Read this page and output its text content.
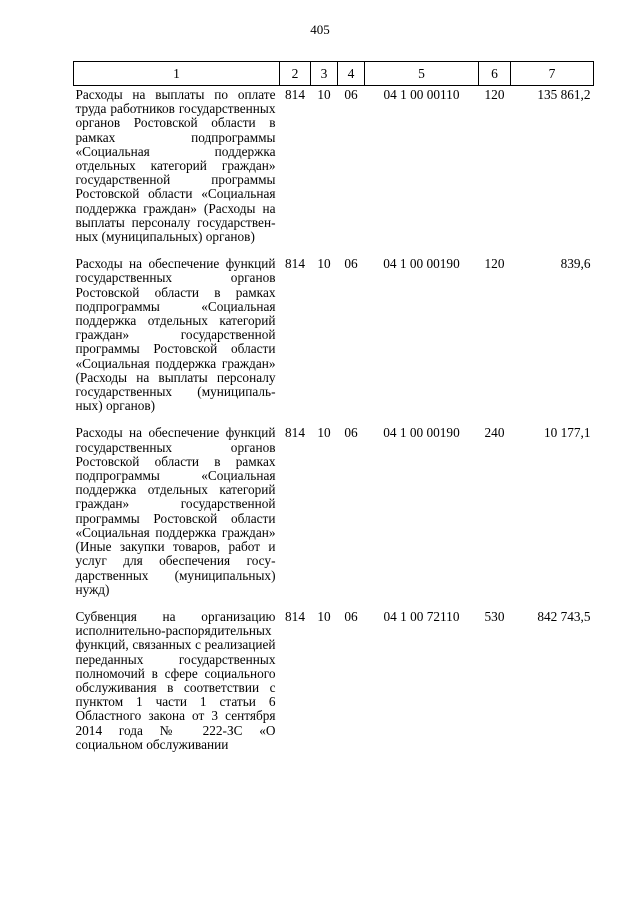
405
1	2	3	4	5	6	7
Расходы на выплаты по оплате труда работников государственных органов Ростовской области в рамках подпрограммы «Социальная поддержка отдельных категорий граждан» государственной программы Ростовской области «Социальная поддержка граждан» (Расходы на выплаты персоналу государственных (муниципальных) органов)	814	10	06	04 1 00 00110	120	135 861,2
Расходы на обеспечение функций государственных органов Ростовской области в рамках подпрограммы «Социальная поддержка отдельных категорий граждан» государственной программы Ростовской области «Социальная поддержка граждан» (Расходы на выплаты персоналу государственных (муниципальных) органов)	814	10	06	04 1 00 00190	120	839,6
Расходы на обеспечение функций государственных органов Ростовской области в рамках подпрограммы «Социальная поддержка отдельных категорий граждан» государственной программы Ростовской области «Социальная поддержка граждан» (Иные закупки товаров, работ и услуг для обеспечения государственных (муниципальных) нужд)	814	10	06	04 1 00 00190	240	10 177,1
Субвенция на организацию исполнительно-​распорядительных функций, связанных с реализацией переданных государственных полномочий в сфере социального обслуживания в соответствии с пунктом 1 части 1 статьи 6 Областного закона от 3 сентября 2014 года № 222-ЗС «О социальном обслуживании	814	10	06	04 1 00 72110	530	842 743,5
